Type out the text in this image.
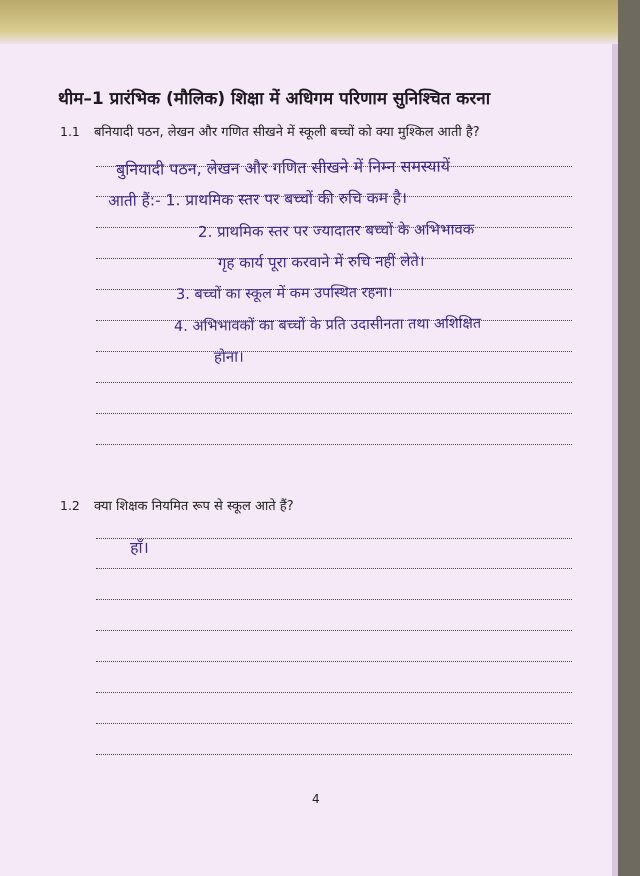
थीम–1 प्रारंभिक (मौलिक) शिक्षा में अधिगम परिणाम सुनिश्चित करना
1.1 बनियादी पठन, लेखन और गणित सीखने में स्कूली बच्चों को क्या मुश्किल आती है?
बुनियादी पठन, लेखन और गणित सीखने में निम्न समस्यायें
आती हैं:- 1. प्राथमिक स्तर पर बच्चों की रुचि कम है।
2. प्राथमिक स्तर पर ज्यादातर बच्चों के अभिभावक
गृह कार्य पूरा करवाने में रुचि नहीं लेते।
3. बच्चों का स्कूल में कम उपस्थित रहना।
4. अभिभावकों का बच्चों के प्रति उदासीनता तथा अशिक्षित
होना।
1.2 क्या शिक्षक नियमित रूप से स्कूल आते हैं?
हाँ।
4
